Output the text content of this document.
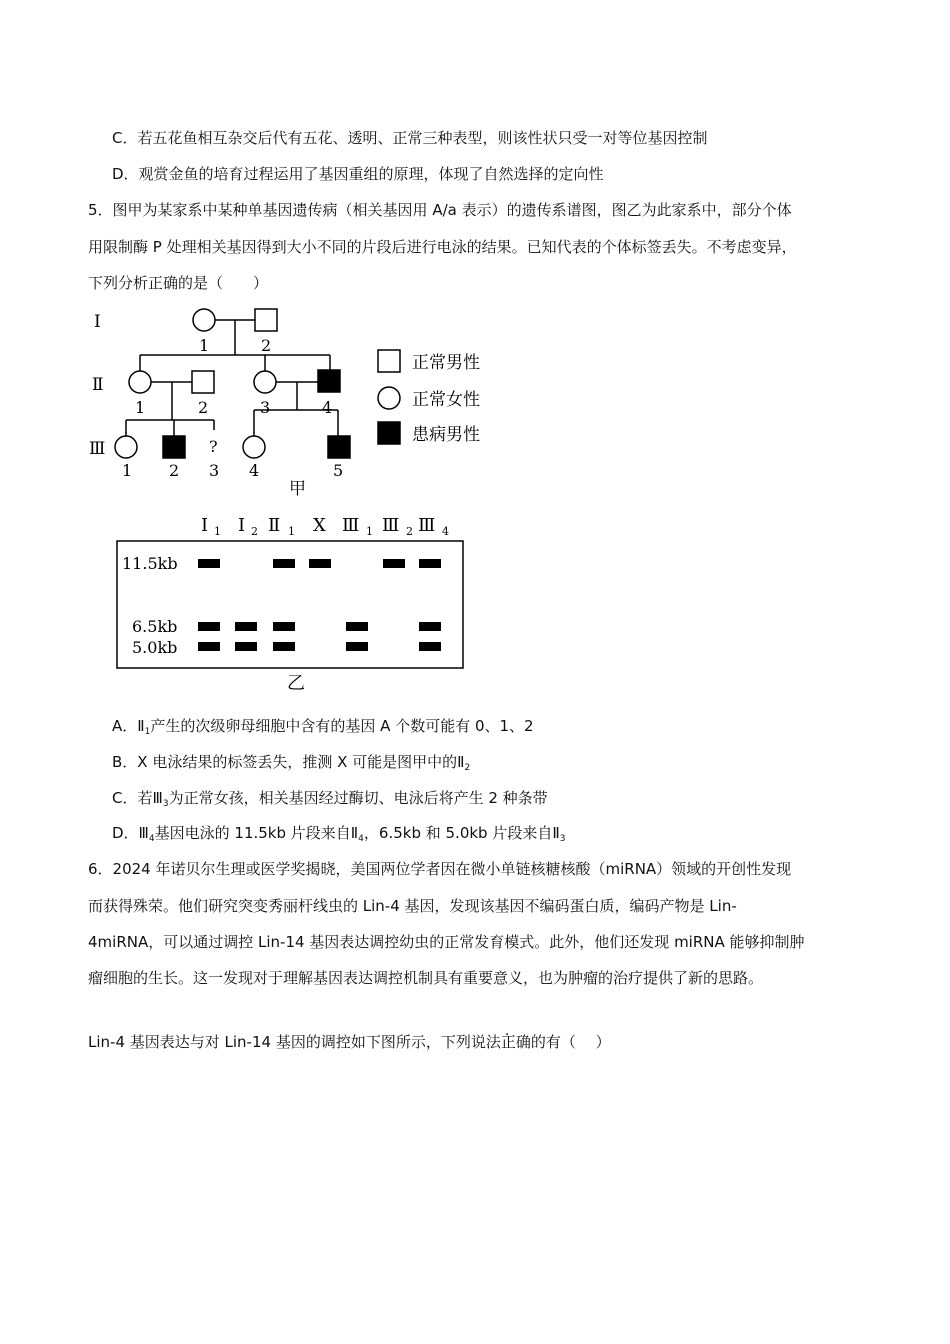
C．若五花鱼相互杂交后代有五花、透明、正常三种表型，则该性状只受一对等位基因控制
D．观赏金鱼的培育过程运用了基因重组的原理，体现了自然选择的定向性
5．图甲为某家系中某种单基因遗传病（相关基因用 A/a 表示）的遗传系谱图，图乙为此家系中，部分个体
用限制酶 P 处理相关基因得到大小不同的片段后进行电泳的结果。已知代表的个体标签丢失。不考虑变异，
下列分析正确的是（　　）
Ⅰ
Ⅱ
Ⅲ
1	2
1	2	3	4
1 2 3 4	5
?
正常男性
正常女性
患病男性
甲
Ⅰ 1 Ⅰ 2 Ⅱ 1 X Ⅲ 1 Ⅲ 2 Ⅲ 4
11.5kb
6.5kb
5.0kb
乙
A．$Ⅱ_1$产生的次级卵母细胞中含有的基因 A 个数可能有 0、1、2
B．X 电泳结果的标签丢失，推测 X 可能是图甲中的$Ⅱ_2$
C．若$Ⅲ_3$为正常女孩，相关基因经过酶切、电泳后将产生 2 种条带
D．$Ⅲ_4$基因电泳的 11.5kb 片段来自$Ⅱ_4$，6.5kb 和 5.0kb 片段来自$Ⅱ_3$
6．2024 年诺贝尔生理或医学奖揭晓，美国两位学者因在微小单链核糖核酸（miRNA）领域的开创性发现
而获得殊荣。他们研究突变秀丽杆线虫的 Lin-4 基因，发现该基因不编码蛋白质，编码产物是 Lin-
4miRNA，可以通过调控 Lin-14 基因表达调控幼虫的正常发育模式。此外，他们还发现 miRNA 能够抑制肿
瘤细胞的生长。这一发现对于理解基因表达调控机制具有重要意义，也为肿瘤的治疗提供了新的思路。
Lin-4 基因表达与对 Lin-14 基因的调控如下图所示，下列说法正确的有（　 ）
